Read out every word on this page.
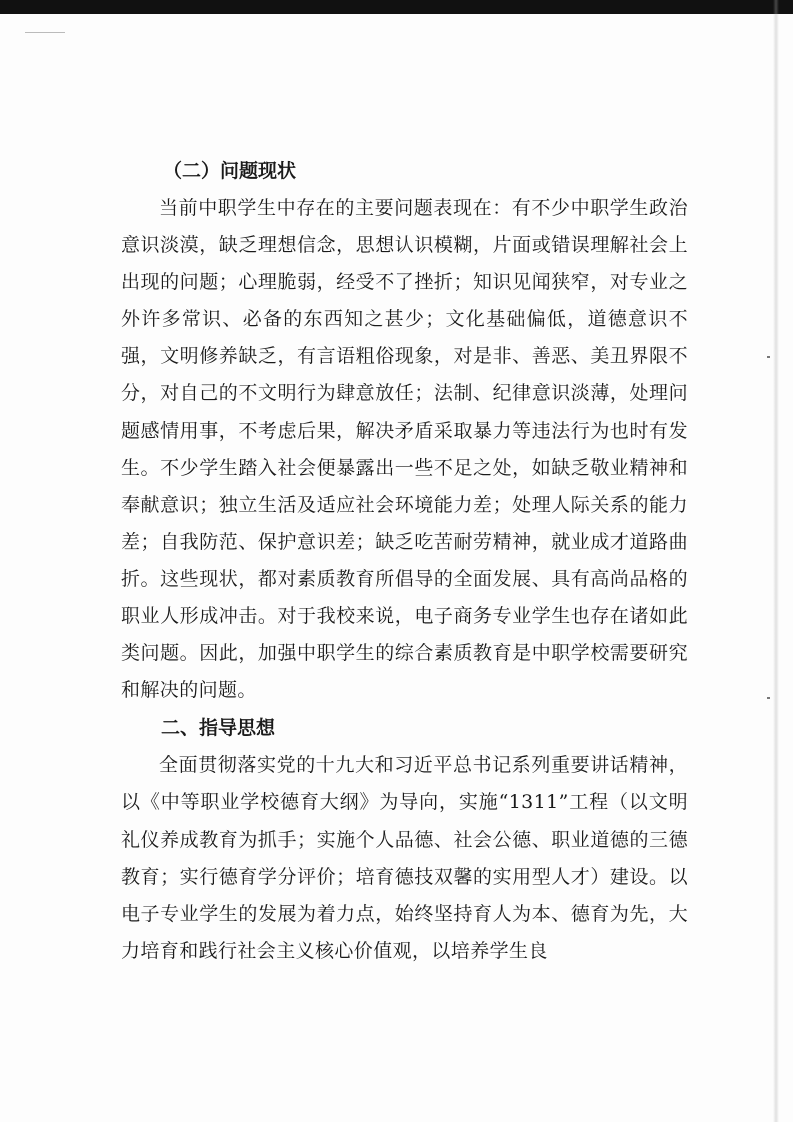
（二）问题现状

当前中职学生中存在的主要问题表现在：有不少中职学生政治意识淡漠，缺乏理想信念，思想认识模糊，片面或错误理解社会上出现的问题；心理脆弱，经受不了挫折；知识见闻狭窄，对专业之外许多常识、必备的东西知之甚少；文化基础偏低，道德意识不强，文明修养缺乏，有言语粗俗现象，对是非、善恶、美丑界限不分，对自己的不文明行为肆意放任；法制、纪律意识淡薄，处理问题感情用事，不考虑后果，解决矛盾采取暴力等违法行为也时有发生。不少学生踏入社会便暴露出一些不足之处，如缺乏敬业精神和奉献意识；独立生活及适应社会环境能力差；处理人际关系的能力差；自我防范、保护意识差；缺乏吃苦耐劳精神，就业成才道路曲折。这些现状，都对素质教育所倡导的全面发展、具有高尚品格的职业人形成冲击。对于我校来说，电子商务专业学生也存在诸如此类问题。因此，加强中职学生的综合素质教育是中职学校需要研究和解决的问题。

二、指导思想

全面贯彻落实党的十九大和习近平总书记系列重要讲话精神，以《中等职业学校德育大纲》为导向，实施“1311”工程（以文明礼仪养成教育为抓手；实施个人品德、社会公德、职业道德的三德教育；实行德育学分评价；培育德技双馨的实用型人才）建设。以电子专业学生的发展为着力点，始终坚持育人为本、德育为先，大力培育和践行社会主义核心价值观，以培养学生良
